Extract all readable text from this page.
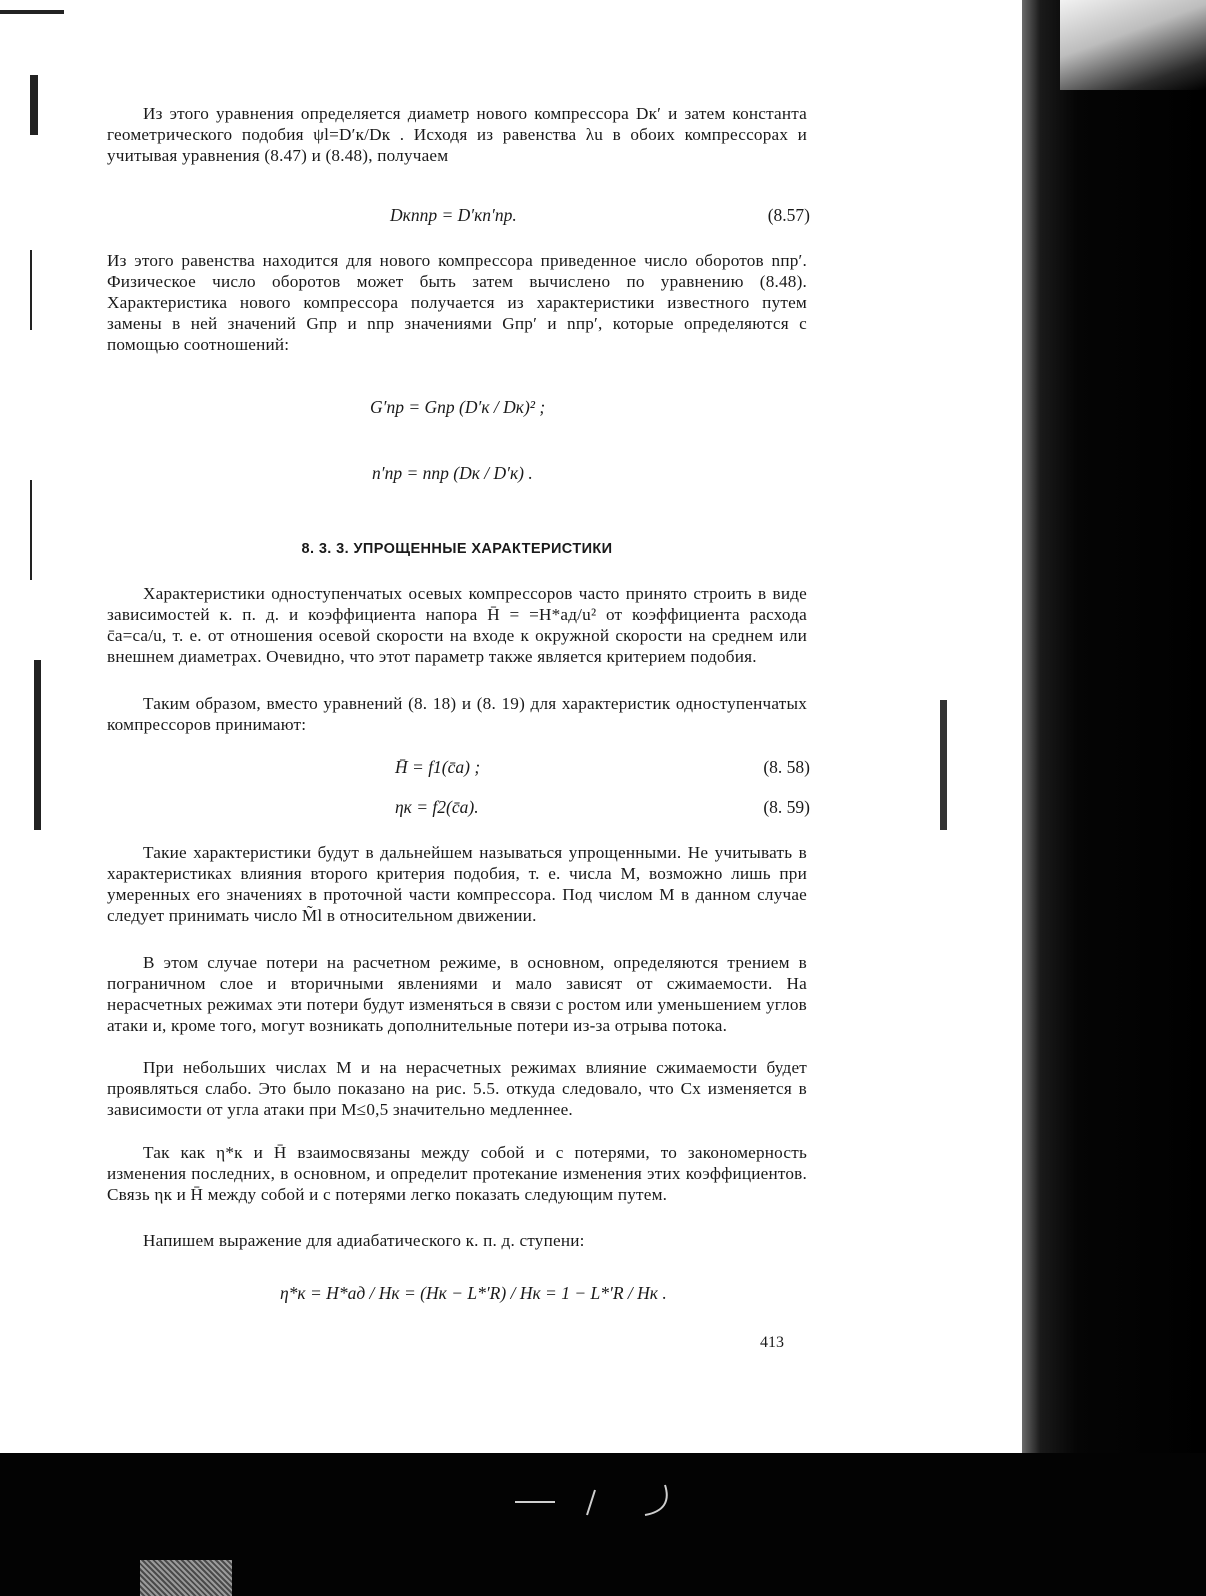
Из этого уравнения определяется диаметр нового компрессора Dк′ и затем константа геометрического подобия ψl=D′к/Dк . Исходя из равенства λu в обоих компрессорах и учитывая уравнения (8.47) и (8.48), получаем
Dкnпр = D′кn′пр.	(8.57)
Из этого равенства находится для нового компрессора приведенное число оборотов nпр′. Физическое число оборотов может быть затем вычислено по уравнению (8.48). Характеристика нового компрессора получается из характеристики известного путем замены в ней значений Gпр и nпр значениями Gпр′ и nпр′, которые определяются с помощью соотношений:
G′пр = Gпр (D′к / Dк)² ;
n′пр = nпр (Dк / D′к) .
8. 3. 3. УПРОЩЕННЫЕ ХАРАКТЕРИСТИКИ
Характеристики одноступенчатых осевых компрессоров часто принято строить в виде зависимостей к. п. д. и коэффициента напора H̄ = =H*ад/u² от коэффициента расхода c̄a=ca/u, т. е. от отношения осевой скорости на входе к окружной скорости на среднем или внешнем диаметрах. Очевидно, что этот параметр также является критерием подобия.
Таким образом, вместо уравнений (8. 18) и (8. 19) для характеристик одноступенчатых компрессоров принимают:
H̄ = f1(c̄a) ;	(8. 58)
ηк = f2(c̄a).	(8. 59)
Такие характеристики будут в дальнейшем называться упрощенными. Не учитывать в характеристиках влияния второго критерия подобия, т. е. числа М, возможно лишь при умеренных его значениях в проточной части компрессора. Под числом М в данном случае следует принимать число M̃l в относительном движении.
В этом случае потери на расчетном режиме, в основном, определяются трением в пограничном слое и вторичными явлениями и мало зависят от сжимаемости. На нерасчетных режимах эти потери будут изменяться в связи с ростом или уменьшением углов атаки и, кроме того, могут возникать дополнительные потери из-за отрыва потока.
При небольших числах М и на нерасчетных режимах влияние сжимаемости будет проявляться слабо. Это было показано на рис. 5.5. откуда следовало, что Cx изменяется в зависимости от угла атаки при M≤0,5 значительно медленнее.
Так как η*к и H̄ взаимосвязаны между собой и с потерями, то закономерность изменения последних, в основном, и определит протекание изменения этих коэффициентов. Связь ηк и H̄ между собой и с потерями легко показать следующим путем.
Напишем выражение для адиабатического к. п. д. ступени:
η*к = H*ад / Hк = (Hк − L*′R) / Hк = 1 − L*′R / Hк .
413
